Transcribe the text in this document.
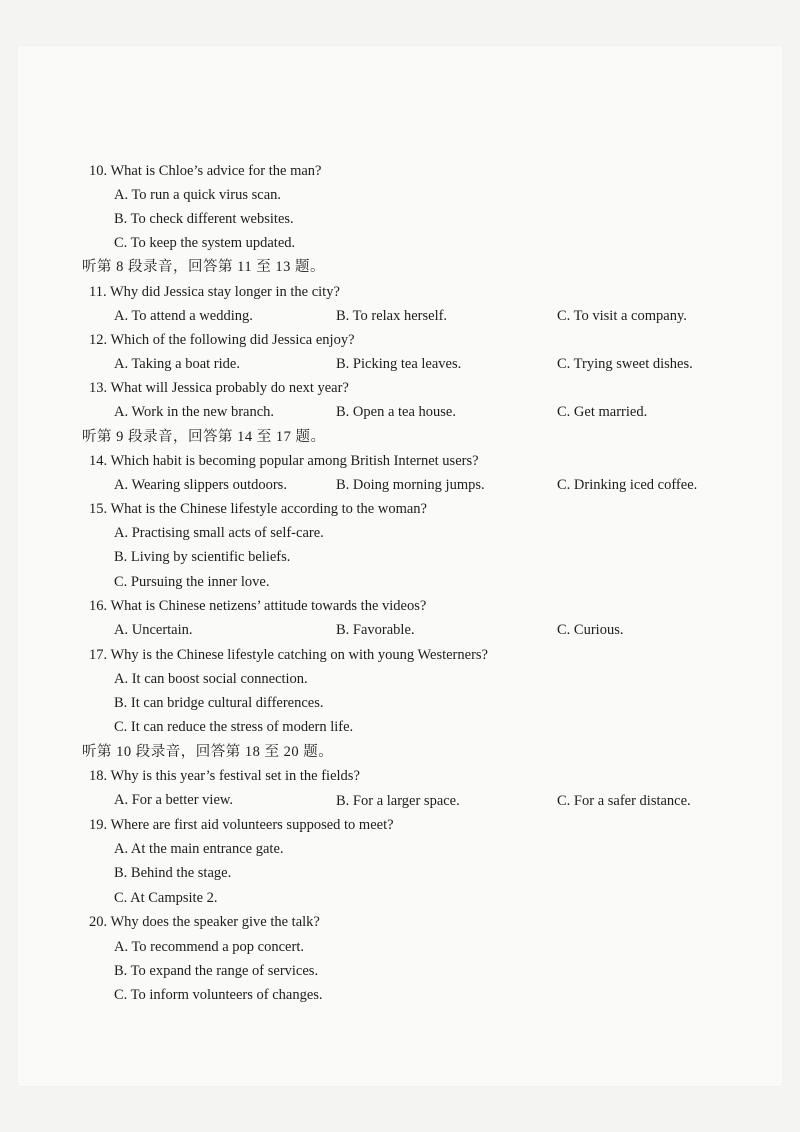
10. What is Chloe’s advice for the man?
A. To run a quick virus scan.
B. To check different websites.
C. To keep the system updated.
听第 8 段录音，回答第 11 至 13 题。
11. Why did Jessica stay longer in the city?
A. To attend a wedding.	B. To relax herself.	C. To visit a company.
12. Which of the following did Jessica enjoy?
A. Taking a boat ride.	B. Picking tea leaves.	C. Trying sweet dishes.
13. What will Jessica probably do next year?
A. Work in the new branch.	B. Open a tea house.	C. Get married.
听第 9 段录音，回答第 14 至 17 题。
14. Which habit is becoming popular among British Internet users?
A. Wearing slippers outdoors.	B. Doing morning jumps.	C. Drinking iced coffee.
15. What is the Chinese lifestyle according to the woman?
A. Practising small acts of self-care.
B. Living by scientific beliefs.
C. Pursuing the inner love.
16. What is Chinese netizens’ attitude towards the videos?
A. Uncertain.	B. Favorable.	C. Curious.
17. Why is the Chinese lifestyle catching on with young Westerners?
A. It can boost social connection.
B. It can bridge cultural differences.
C. It can reduce the stress of modern life.
听第 10 段录音，回答第 18 至 20 题。
18. Why is this year’s festival set in the fields?
A. For a better view.	B. For a larger space.	C. For a safer distance.
19. Where are first aid volunteers supposed to meet?
A. At the main entrance gate.
B. Behind the stage.
C. At Campsite 2.
20. Why does the speaker give the talk?
A. To recommend a pop concert.
B. To expand the range of services.
C. To inform volunteers of changes.
